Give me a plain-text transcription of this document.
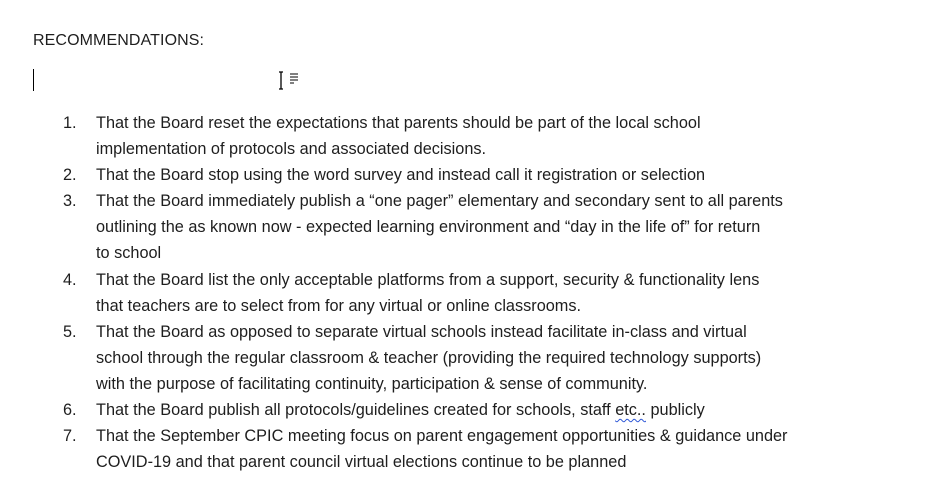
RECOMMENDATIONS:
1.	That the Board reset the expectations that parents should be part of the local school
implementation of protocols and associated decisions.
2.	That the Board stop using the word survey and instead call it registration or selection
3.	That the Board immediately publish a “one pager” elementary and secondary sent to all parents
outlining the as known now - expected learning environment and “day in the life of” for return
to school
4.	That the Board list the only acceptable platforms from a support, security & functionality lens
that teachers are to select from for any virtual or online classrooms.
5.	That the Board as opposed to separate virtual schools instead facilitate in-class and virtual
school through the regular classroom & teacher (providing the required technology supports)
with the purpose of facilitating continuity, participation & sense of community.
6.	That the Board publish all protocols/guidelines created for schools, staff etc.. publicly
7.	That the September CPIC meeting focus on parent engagement opportunities & guidance under
COVID-19 and that parent council virtual elections continue to be planned
